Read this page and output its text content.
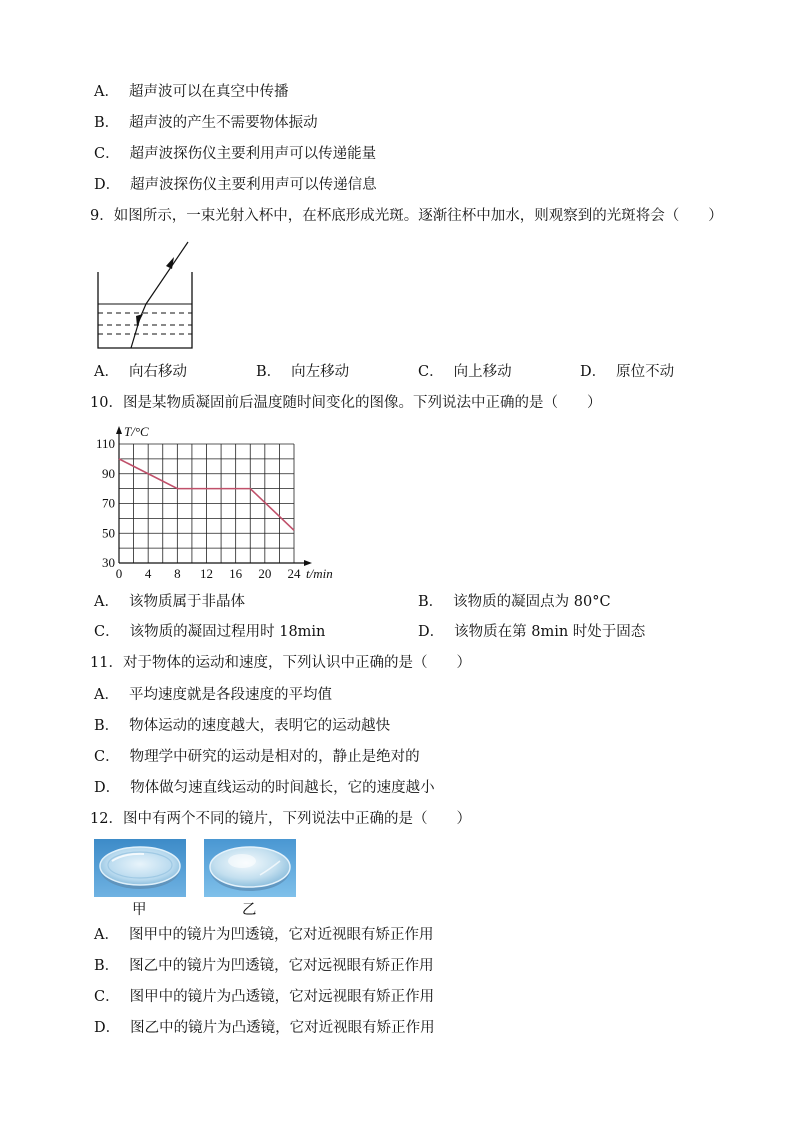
A． 超声波可以在真空中传播
B． 超声波的产生不需要物体振动
C． 超声波探伤仪主要利用声可以传递能量
D． 超声波探伤仪主要利用声可以传递信息
9．如图所示，一束光射入杯中，在杯底形成光斑。逐渐往杯中加水，则观察到的光斑将会（　　）
A． 向右移动	B． 向左移动	C． 向上移动	D． 原位不动
10．图是某物质凝固前后温度随时间变化的图像。下列说法中正确的是（　　）
0 4 8 12 16 20 24
30
50
70
90
110
T/°C
t/min
A． 该物质属于非晶体	B． 该物质的凝固点为 80°C
C． 该物质的凝固过程用时 18min	D． 该物质在第 8min 时处于固态
11．对于物体的运动和速度，下列认识中正确的是（　　）
A． 平均速度就是各段速度的平均值
B． 物体运动的速度越大，表明它的运动越快
C． 物理学中研究的运动是相对的，静止是绝对的
D． 物体做匀速直线运动的时间越长，它的速度越小
12．图中有两个不同的镜片，下列说法中正确的是（　　）
甲	乙
A． 图甲中的镜片为凹透镜，它对近视眼有矫正作用
B． 图乙中的镜片为凹透镜，它对远视眼有矫正作用
C． 图甲中的镜片为凸透镜，它对远视眼有矫正作用
D． 图乙中的镜片为凸透镜，它对近视眼有矫正作用
